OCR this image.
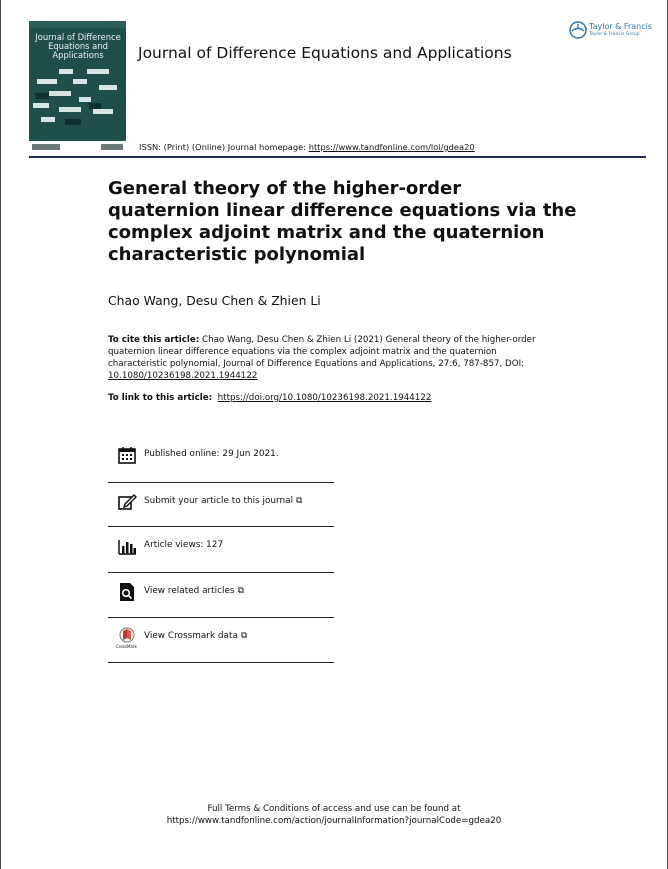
Journal of Difference Equations and Applications	Journal of Difference Equations and Applications
Taylor & Francis
Taylor & Francis Group
ISSN: (Print) (Online) Journal homepage: https://www.tandfonline.com/loi/gdea20
General theory of the higher-order quaternion linear difference equations via the complex adjoint matrix and the quaternion characteristic polynomial
Chao Wang, Desu Chen & Zhien Li
To cite this article: Chao Wang, Desu Chen & Zhien Li (2021) General theory of the higher-order quaternion linear difference equations via the complex adjoint matrix and the quaternion characteristic polynomial, Journal of Difference Equations and Applications, 27:6, 787-857, DOI: 10.1080/10236198.2021.1944122
To link to this article: https://doi.org/10.1080/10236198.2021.1944122
Published online: 29 Jun 2021.
Submit your article to this journal ⧉
Article views: 127
View related articles ⧉
CrossMark
View Crossmark data ⧉
Full Terms & Conditions of access and use can be found at
https://www.tandfonline.com/action/journalInformation?journalCode=gdea20
